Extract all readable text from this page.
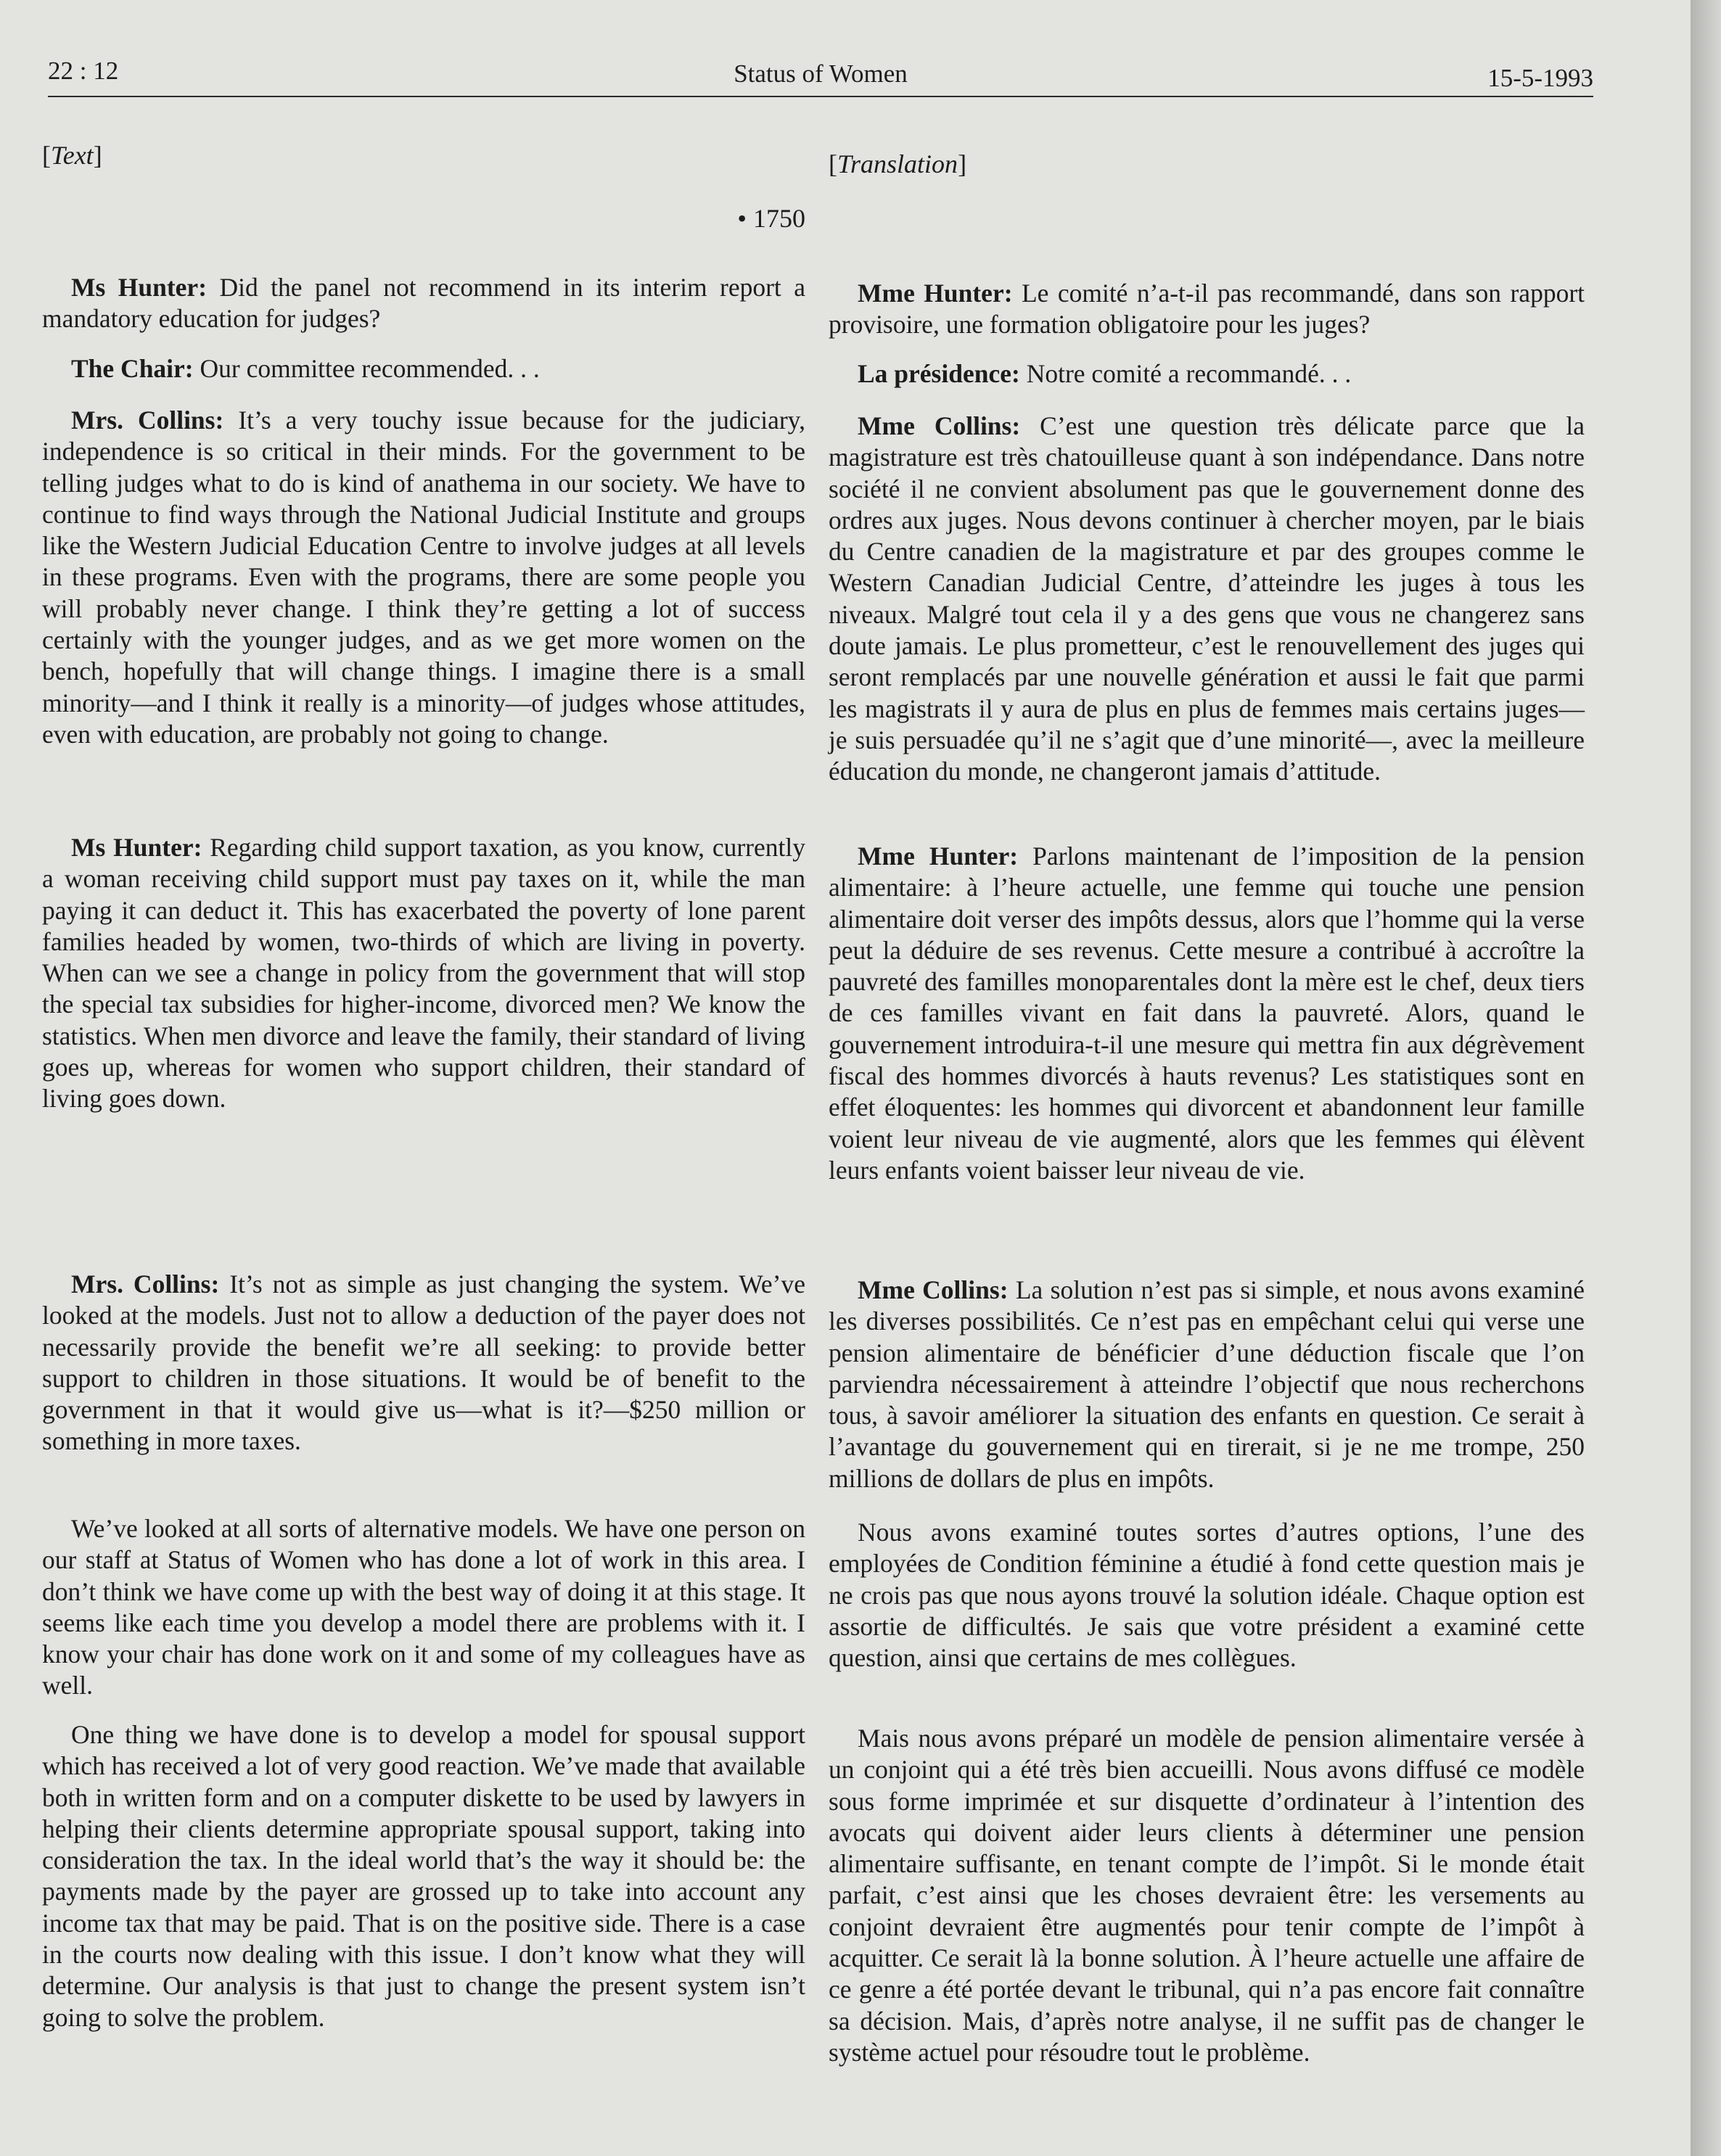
22 : 12	Status of Women	15-5-1993

[Text]

• 1750

Ms Hunter: Did the panel not recommend in its interim report a mandatory education for judges?

The Chair: Our committee recommended. . .

Mrs. Collins: It’s a very touchy issue because for the judiciary, independence is so critical in their minds. For the government to be telling judges what to do is kind of anathema in our society. We have to continue to find ways through the National Judicial Institute and groups like the Western Judicial Education Centre to involve judges at all levels in these programs. Even with the programs, there are some people you will probably never change. I think they’re getting a lot of success certainly with the younger judges, and as we get more women on the bench, hopefully that will change things. I imagine there is a small minority—and I think it really is a minority—of judges whose attitudes, even with education, are probably not going to change.

Ms Hunter: Regarding child support taxation, as you know, currently a woman receiving child support must pay taxes on it, while the man paying it can deduct it. This has exacerbated the poverty of lone parent families headed by women, two-thirds of which are living in poverty. When can we see a change in policy from the government that will stop the special tax subsidies for higher-income, divorced men? We know the statistics. When men divorce and leave the family, their standard of living goes up, whereas for women who support children, their standard of living goes down.

Mrs. Collins: It’s not as simple as just changing the system. We’ve looked at the models. Just not to allow a deduction of the payer does not necessarily provide the benefit we’re all seeking: to provide better support to children in those situations. It would be of benefit to the government in that it would give us—what is it?—$250 million or something in more taxes.

We’ve looked at all sorts of alternative models. We have one person on our staff at Status of Women who has done a lot of work in this area. I don’t think we have come up with the best way of doing it at this stage. It seems like each time you develop a model there are problems with it. I know your chair has done work on it and some of my colleagues have as well.

One thing we have done is to develop a model for spousal support which has received a lot of very good reaction. We’ve made that available both in written form and on a computer diskette to be used by lawyers in helping their clients determine appropriate spousal support, taking into consideration the tax. In the ideal world that’s the way it should be: the payments made by the payer are grossed up to take into account any income tax that may be paid. That is on the positive side. There is a case in the courts now dealing with this issue. I don’t know what they will determine. Our analysis is that just to change the present system isn’t going to solve the problem.

[Translation]

Mme Hunter: Le comité n’a-t-il pas recommandé, dans son rapport provisoire, une formation obligatoire pour les juges?

La présidence: Notre comité a recommandé. . .

Mme Collins: C’est une question très délicate parce que la magistrature est très chatouilleuse quant à son indépendance. Dans notre société il ne convient absolument pas que le gouvernement donne des ordres aux juges. Nous devons continuer à chercher moyen, par le biais du Centre canadien de la magistrature et par des groupes comme le Western Canadian Judicial Centre, d’atteindre les juges à tous les niveaux. Malgré tout cela il y a des gens que vous ne changerez sans doute jamais. Le plus prometteur, c’est le renouvellement des juges qui seront remplacés par une nouvelle génération et aussi le fait que parmi les magistrats il y aura de plus en plus de femmes mais certains juges—je suis persuadée qu’il ne s’agit que d’une minorité—, avec la meilleure éducation du monde, ne changeront jamais d’attitude.

Mme Hunter: Parlons maintenant de l’imposition de la pension alimentaire: à l’heure actuelle, une femme qui touche une pension alimentaire doit verser des impôts dessus, alors que l’homme qui la verse peut la déduire de ses revenus. Cette mesure a contribué à accroître la pauvreté des familles monoparentales dont la mère est le chef, deux tiers de ces familles vivant en fait dans la pauvreté. Alors, quand le gouvernement introduira-t-il une mesure qui mettra fin aux dégrèvement fiscal des hommes divorcés à hauts revenus? Les statistiques sont en effet éloquentes: les hommes qui divorcent et abandonnent leur famille voient leur niveau de vie augmenté, alors que les femmes qui élèvent leurs enfants voient baisser leur niveau de vie.

Mme Collins: La solution n’est pas si simple, et nous avons examiné les diverses possibilités. Ce n’est pas en empêchant celui qui verse une pension alimentaire de bénéficier d’une déduction fiscale que l’on parviendra nécessairement à atteindre l’objectif que nous recherchons tous, à savoir améliorer la situation des enfants en question. Ce serait à l’avantage du gouvernement qui en tirerait, si je ne me trompe, 250 millions de dollars de plus en impôts.

Nous avons examiné toutes sortes d’autres options, l’une des employées de Condition féminine a étudié à fond cette question mais je ne crois pas que nous ayons trouvé la solution idéale. Chaque option est assortie de difficultés. Je sais que votre président a examiné cette question, ainsi que certains de mes collègues.

Mais nous avons préparé un modèle de pension alimentaire versée à un conjoint qui a été très bien accueilli. Nous avons diffusé ce modèle sous forme imprimée et sur disquette d’ordinateur à l’intention des avocats qui doivent aider leurs clients à déterminer une pension alimentaire suffisante, en tenant compte de l’impôt. Si le monde était parfait, c’est ainsi que les choses devraient être: les versements au conjoint devraient être augmentés pour tenir compte de l’impôt à acquitter. Ce serait là la bonne solution. À l’heure actuelle une affaire de ce genre a été portée devant le tribunal, qui n’a pas encore fait connaître sa décision. Mais, d’après notre analyse, il ne suffit pas de changer le système actuel pour résoudre tout le problème.
